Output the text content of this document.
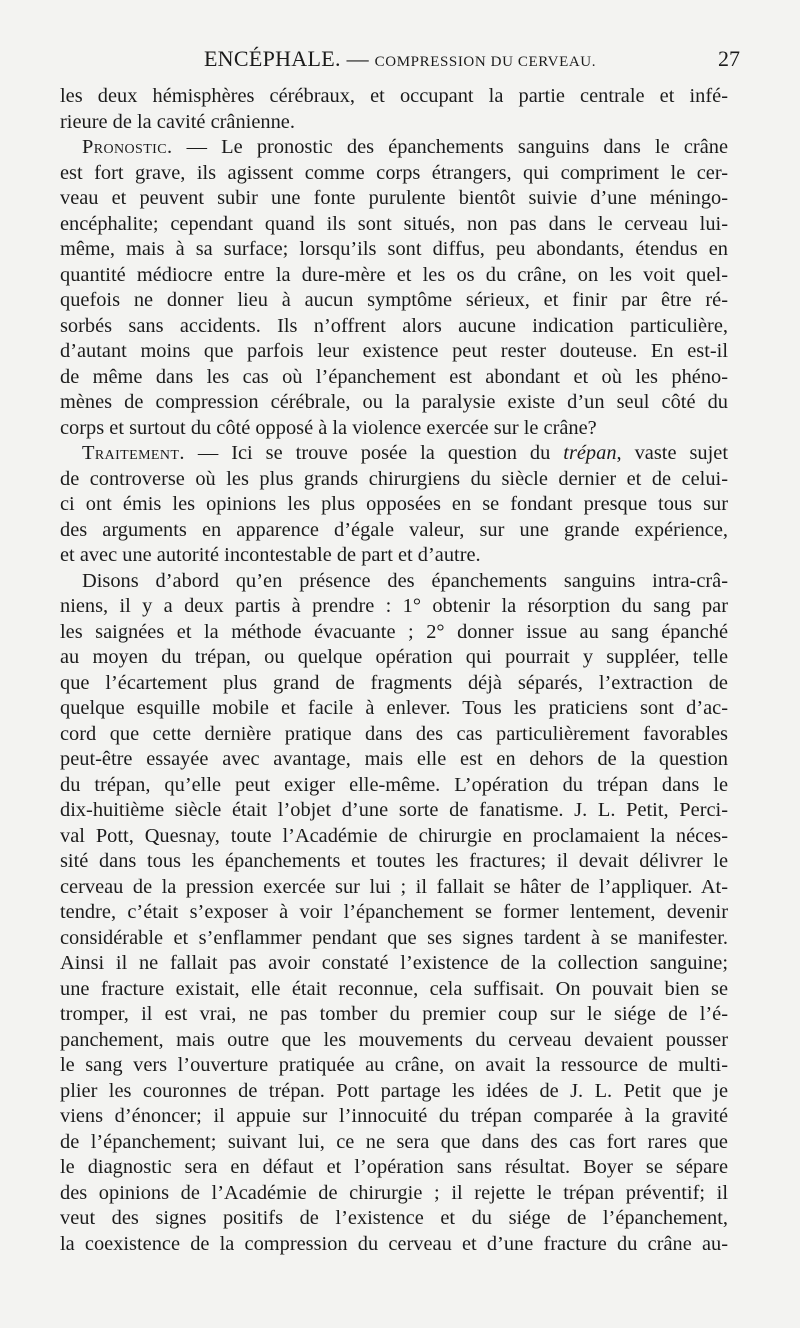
ENCÉPHALE. — COMPRESSION DU CERVEAU.	27
les deux hémisphères cérébraux, et occupant la partie centrale et infé-
rieure de la cavité crânienne.
Pronostic. — Le pronostic des épanchements sanguins dans le crâne
est fort grave, ils agissent comme corps étrangers, qui compriment le cer-
veau et peuvent subir une fonte purulente bientôt suivie d’une méningo-
encéphalite; cependant quand ils sont situés, non pas dans le cerveau lui-
même, mais à sa surface; lorsqu’ils sont diffus, peu abondants, étendus en
quantité médiocre entre la dure-mère et les os du crâne, on les voit quel-
quefois ne donner lieu à aucun symptôme sérieux, et finir par être ré-
sorbés sans accidents. Ils n’offrent alors aucune indication particulière,
d’autant moins que parfois leur existence peut rester douteuse. En est-il
de même dans les cas où l’épanchement est abondant et où les phéno-
mènes de compression cérébrale, ou la paralysie existe d’un seul côté du
corps et surtout du côté opposé à la violence exercée sur le crâne?
Traitement. — Ici se trouve posée la question du trépan, vaste sujet
de controverse où les plus grands chirurgiens du siècle dernier et de celui-
ci ont émis les opinions les plus opposées en se fondant presque tous sur
des arguments en apparence d’égale valeur, sur une grande expérience,
et avec une autorité incontestable de part et d’autre.
Disons d’abord qu’en présence des épanchements sanguins intra-crâ-
niens, il y a deux partis à prendre : 1° obtenir la résorption du sang par
les saignées et la méthode évacuante ; 2° donner issue au sang épanché
au moyen du trépan, ou quelque opération qui pourrait y suppléer, telle
que l’écartement plus grand de fragments déjà séparés, l’extraction de
quelque esquille mobile et facile à enlever. Tous les praticiens sont d’ac-
cord que cette dernière pratique dans des cas particulièrement favorables
peut-être essayée avec avantage, mais elle est en dehors de la question
du trépan, qu’elle peut exiger elle-même. L’opération du trépan dans le
dix-huitième siècle était l’objet d’une sorte de fanatisme. J. L. Petit, Perci-
val Pott, Quesnay, toute l’Académie de chirurgie en proclamaient la néces-
sité dans tous les épanchements et toutes les fractures; il devait délivrer le
cerveau de la pression exercée sur lui ; il fallait se hâter de l’appliquer. At-
tendre, c’était s’exposer à voir l’épanchement se former lentement, devenir
considérable et s’enflammer pendant que ses signes tardent à se manifester.
Ainsi il ne fallait pas avoir constaté l’existence de la collection sanguine;
une fracture existait, elle était reconnue, cela suffisait. On pouvait bien se
tromper, il est vrai, ne pas tomber du premier coup sur le siége de l’é-
panchement, mais outre que les mouvements du cerveau devaient pousser
le sang vers l’ouverture pratiquée au crâne, on avait la ressource de multi-
plier les couronnes de trépan. Pott partage les idées de J. L. Petit que je
viens d’énoncer; il appuie sur l’innocuité du trépan comparée à la gravité
de l’épanchement; suivant lui, ce ne sera que dans des cas fort rares que
le diagnostic sera en défaut et l’opération sans résultat. Boyer se sépare
des opinions de l’Académie de chirurgie ; il rejette le trépan préventif; il
veut des signes positifs de l’existence et du siége de l’épanchement,
la coexistence de la compression du cerveau et d’une fracture du crâne au-
